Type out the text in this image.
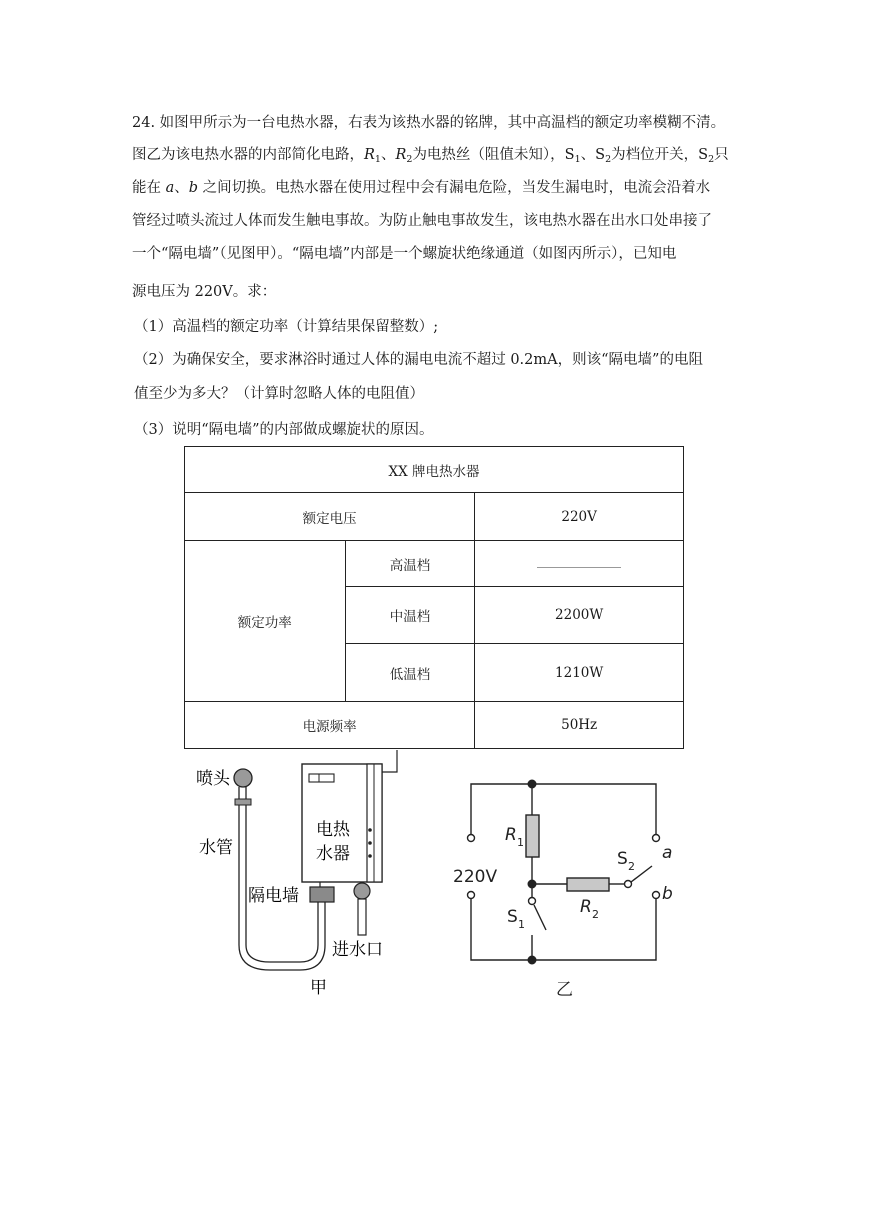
24. 如图甲所示为一台电热水器，右表为该热水器的铭牌，其中高温档的额定功率模糊不清。
图乙为该电热水器的内部简化电路，$R_1$、$R_2$为电热丝（阻值未知），$S_1$、$S_2$为档位开关，$S_2$只
能在 a、b 之间切换。电热水器在使用过程中会有漏电危险，当发生漏电时，电流会沿着水
管经过喷头流过人体而发生触电事故。为防止触电事故发生，该电热水器在出水口处串接了
一个“隔电墙”（见图甲）。“隔电墙”内部是一个螺旋状绝缘通道（如图丙所示），已知电
源电压为 220V。求：
（1）高温档的额定功率（计算结果保留整数）;
（2）为确保安全，要求淋浴时通过人体的漏电电流不超过 0.2mA，则该“隔电墙”的电阻
值至少为多大？（计算时忽略人体的电阻值）
（3）说明“隔电墙”的内部做成螺旋状的原因。
XX 牌电热水器		
额定电压		220V
额定功率	高温档	
	中温档	2200W
	低温档	1210W
电源频率		50Hz
喷头
水管
电热
水器
隔电墙
进水口
甲
220V
R 1
R 2
S 1
S 2
a
b
乙
